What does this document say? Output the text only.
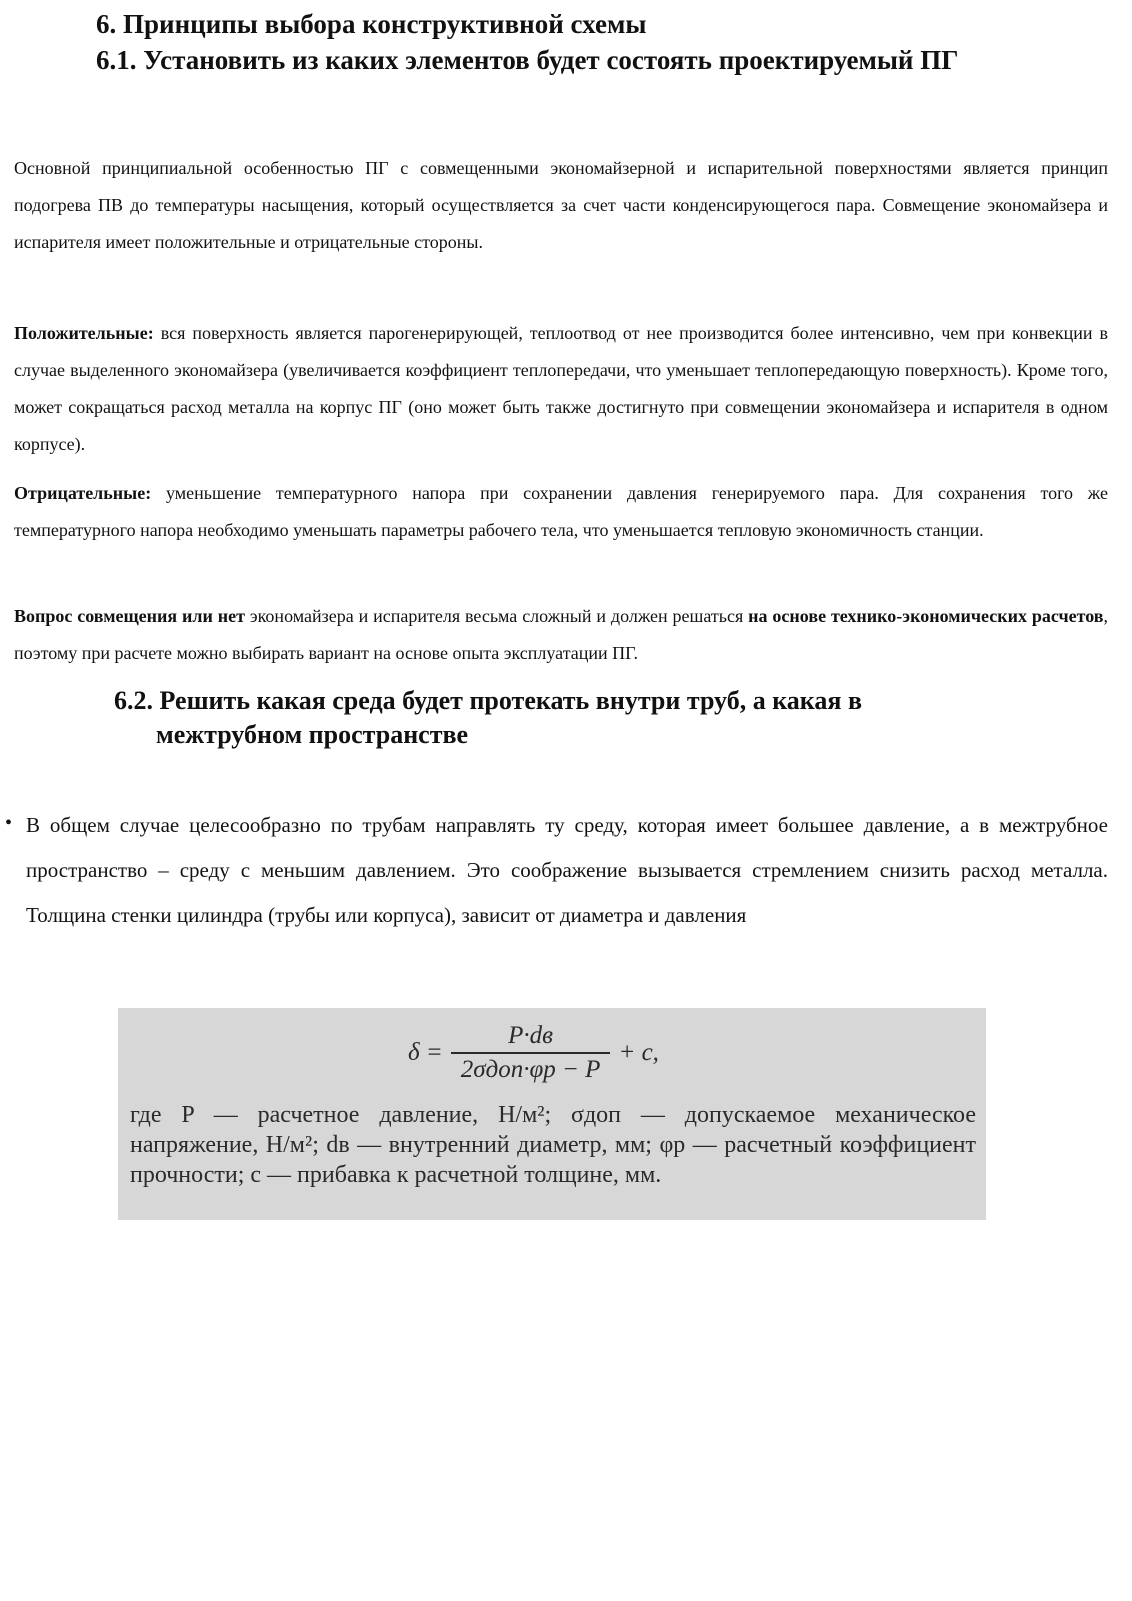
6. Принципы выбора конструктивной схемы
6.1. Установить из каких элементов будет состоять проектируемый ПГ

Основной принципиальной особенностью ПГ с совмещенными экономайзерной и испарительной поверхностями является принцип подогрева ПВ до температуры насыщения, который осуществляется за счет части конденсирующегося пара. Совмещение экономайзера и испарителя имеет положительные и отрицательные стороны.

Положительные: вся поверхность является парогенерирующей, теплоотвод от нее производится более интенсивно, чем при конвекции в случае выделенного экономайзера (увеличивается коэффициент теплопередачи, что уменьшает теплопередающую поверхность). Кроме того, может сокращаться расход металла на корпус ПГ (оно может быть также достигнуто при совмещении экономайзера и испарителя в одном корпусе).

Отрицательные: уменьшение температурного напора при сохранении давления генерируемого пара. Для сохранения того же температурного напора необходимо уменьшать параметры рабочего тела, что уменьшается тепловую экономичность станции.

Вопрос совмещения или нет экономайзера и испарителя весьма сложный и должен решаться на основе технико-экономических расчетов, поэтому при расчете можно выбирать вариант на основе опыта эксплуатации ПГ.

6.2. Решить какая среда будет протекать внутри труб, а какая в
межтрубном пространстве
• В общем случае целесообразно по трубам направлять ту среду, которая имеет большее давление, а в межтрубное пространство – среду с меньшим давлением. Это соображение вызывается стремлением снизить расход металла. Толщина стенки цилиндра (трубы или корпуса), зависит от диаметра и давления

$\delta = \frac{P\cdot dв}{\text{2σдоп·φр − P}} + c$,
где P — расчетное давление, Н/м²; σдоп — допускаемое механическое напряжение, Н/м²; dв — внутренний диаметр, мм; φр — расчетный коэффициент прочности; c — прибавка к расчетной толщине, мм.
